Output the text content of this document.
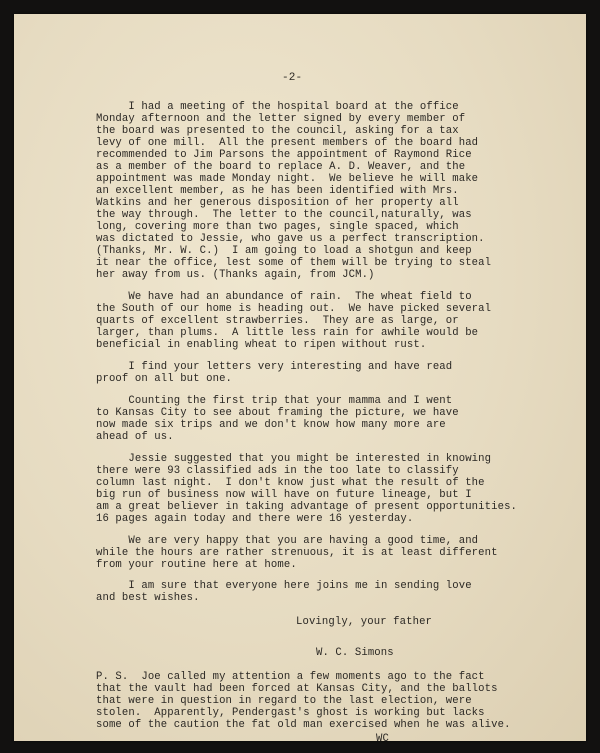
-2-
I had a meeting of the hospital board at the office
Monday afternoon and the letter signed by every member of
the board was presented to the council, asking for a tax
levy of one mill.  All the present members of the board had
recommended to Jim Parsons the appointment of Raymond Rice
as a member of the board to replace A. D. Weaver, and the
appointment was made Monday night.  We believe he will make
an excellent member, as he has been identified with Mrs.
Watkins and her generous disposition of her property all
the way through.  The letter to the council,naturally, was
long, covering more than two pages, single spaced, which
was dictated to Jessie, who gave us a perfect transcription.
(Thanks, Mr. W. C.)  I am going to load a shotgun and keep
it near the office, lest some of them will be trying to steal
her away from us. (Thanks again, from JCM.)
We have had an abundance of rain.  The wheat field to
the South of our home is heading out.  We have picked several
quarts of excellent strawberries.  They are as large, or
larger, than plums.  A little less rain for awhile would be
beneficial in enabling wheat to ripen without rust.
I find your letters very interesting and have read
proof on all but one.
Counting the first trip that your mamma and I went
to Kansas City to see about framing the picture, we have
now made six trips and we don't know how many more are
ahead of us.
Jessie suggested that you might be interested in knowing
there were 93 classified ads in the too late to classify
column last night.  I don't know just what the result of the
big run of business now will have on future lineage, but I
am a great believer in taking advantage of present opportunities.
16 pages again today and there were 16 yesterday.
We are very happy that you are having a good time, and
while the hours are rather strenuous, it is at least different
from your routine here at home.
I am sure that everyone here joins me in sending love
and best wishes.
Lovingly, your father
W. C. Simons
P. S.  Joe called my attention a few moments ago to the fact
that the vault had been forced at Kansas City, and the ballots
that were in question in regard to the last election, were
stolen.  Apparently, Pendergast's ghost is working but lacks
some of the caution the fat old man exercised when he was alive.
WC
